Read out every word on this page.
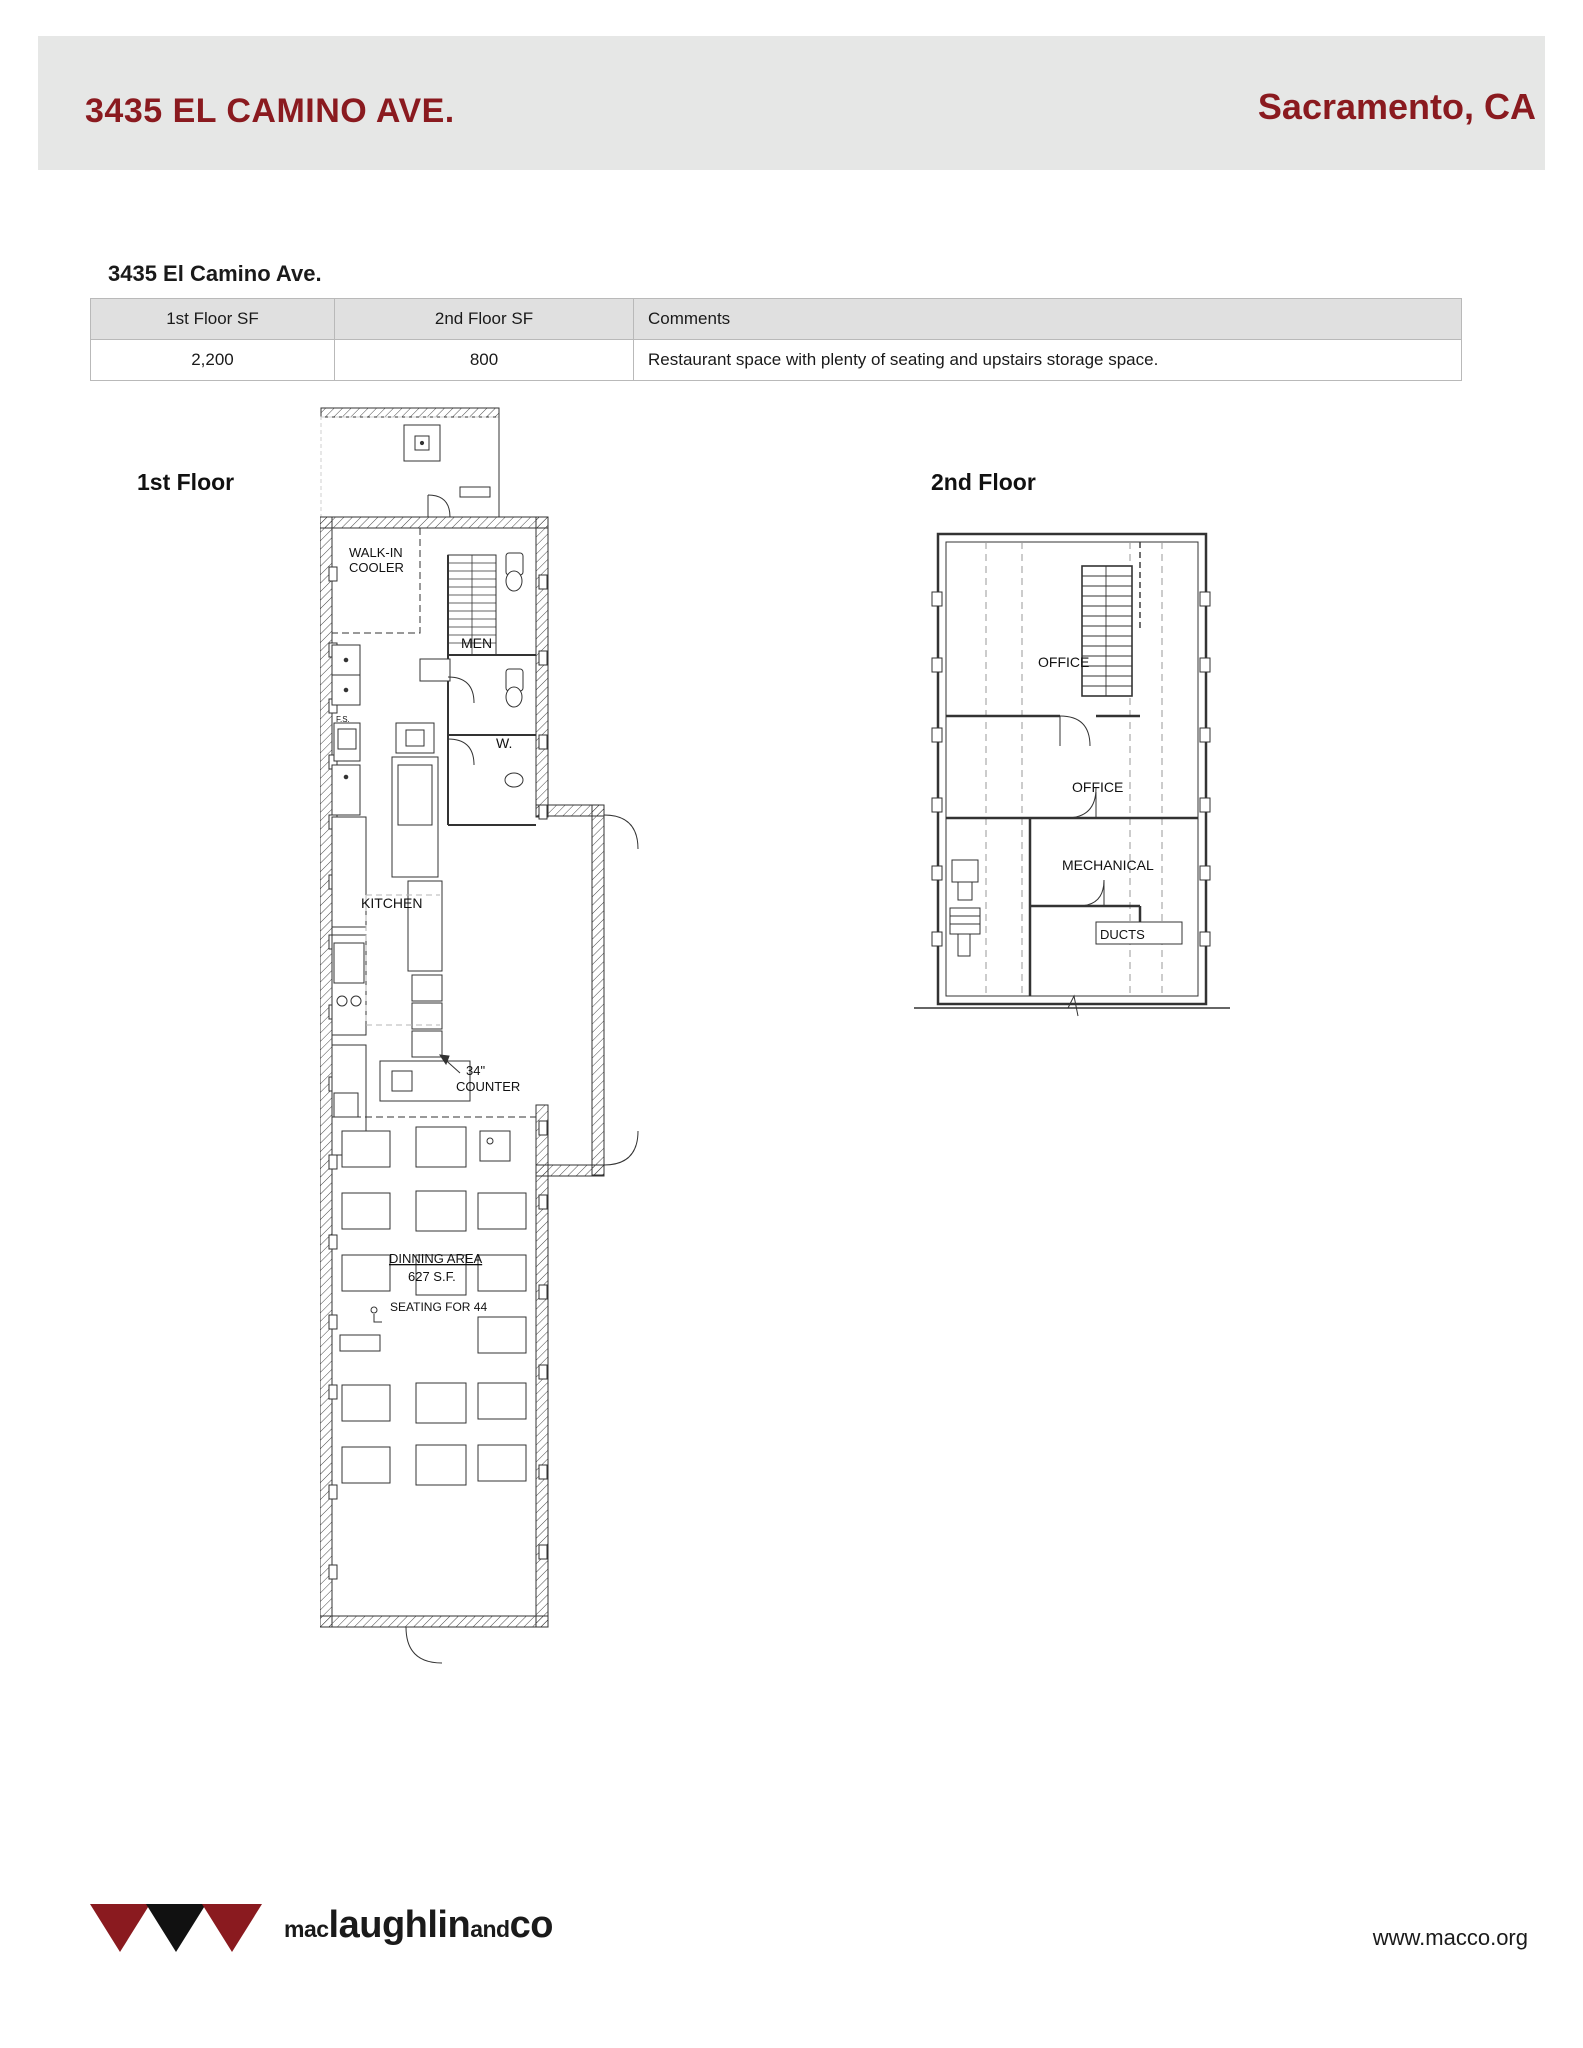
3435 EL CAMINO AVE.	Sacramento, CA
3435 El Camino Ave.
1st Floor SF	2nd Floor SF	Comments
2,200	800	Restaurant space with plenty of seating and upstairs storage space.
1st Floor	2nd Floor
WALK-IN
COOLER
MEN
W.
F.S.
KITCHEN
34"
COUNTER
DINNING AREA
627 S.F.
SEATING FOR 44
OFFICE
OFFICE
MECHANICAL
DUCTS
maclaughlinandco	www.macco.org
